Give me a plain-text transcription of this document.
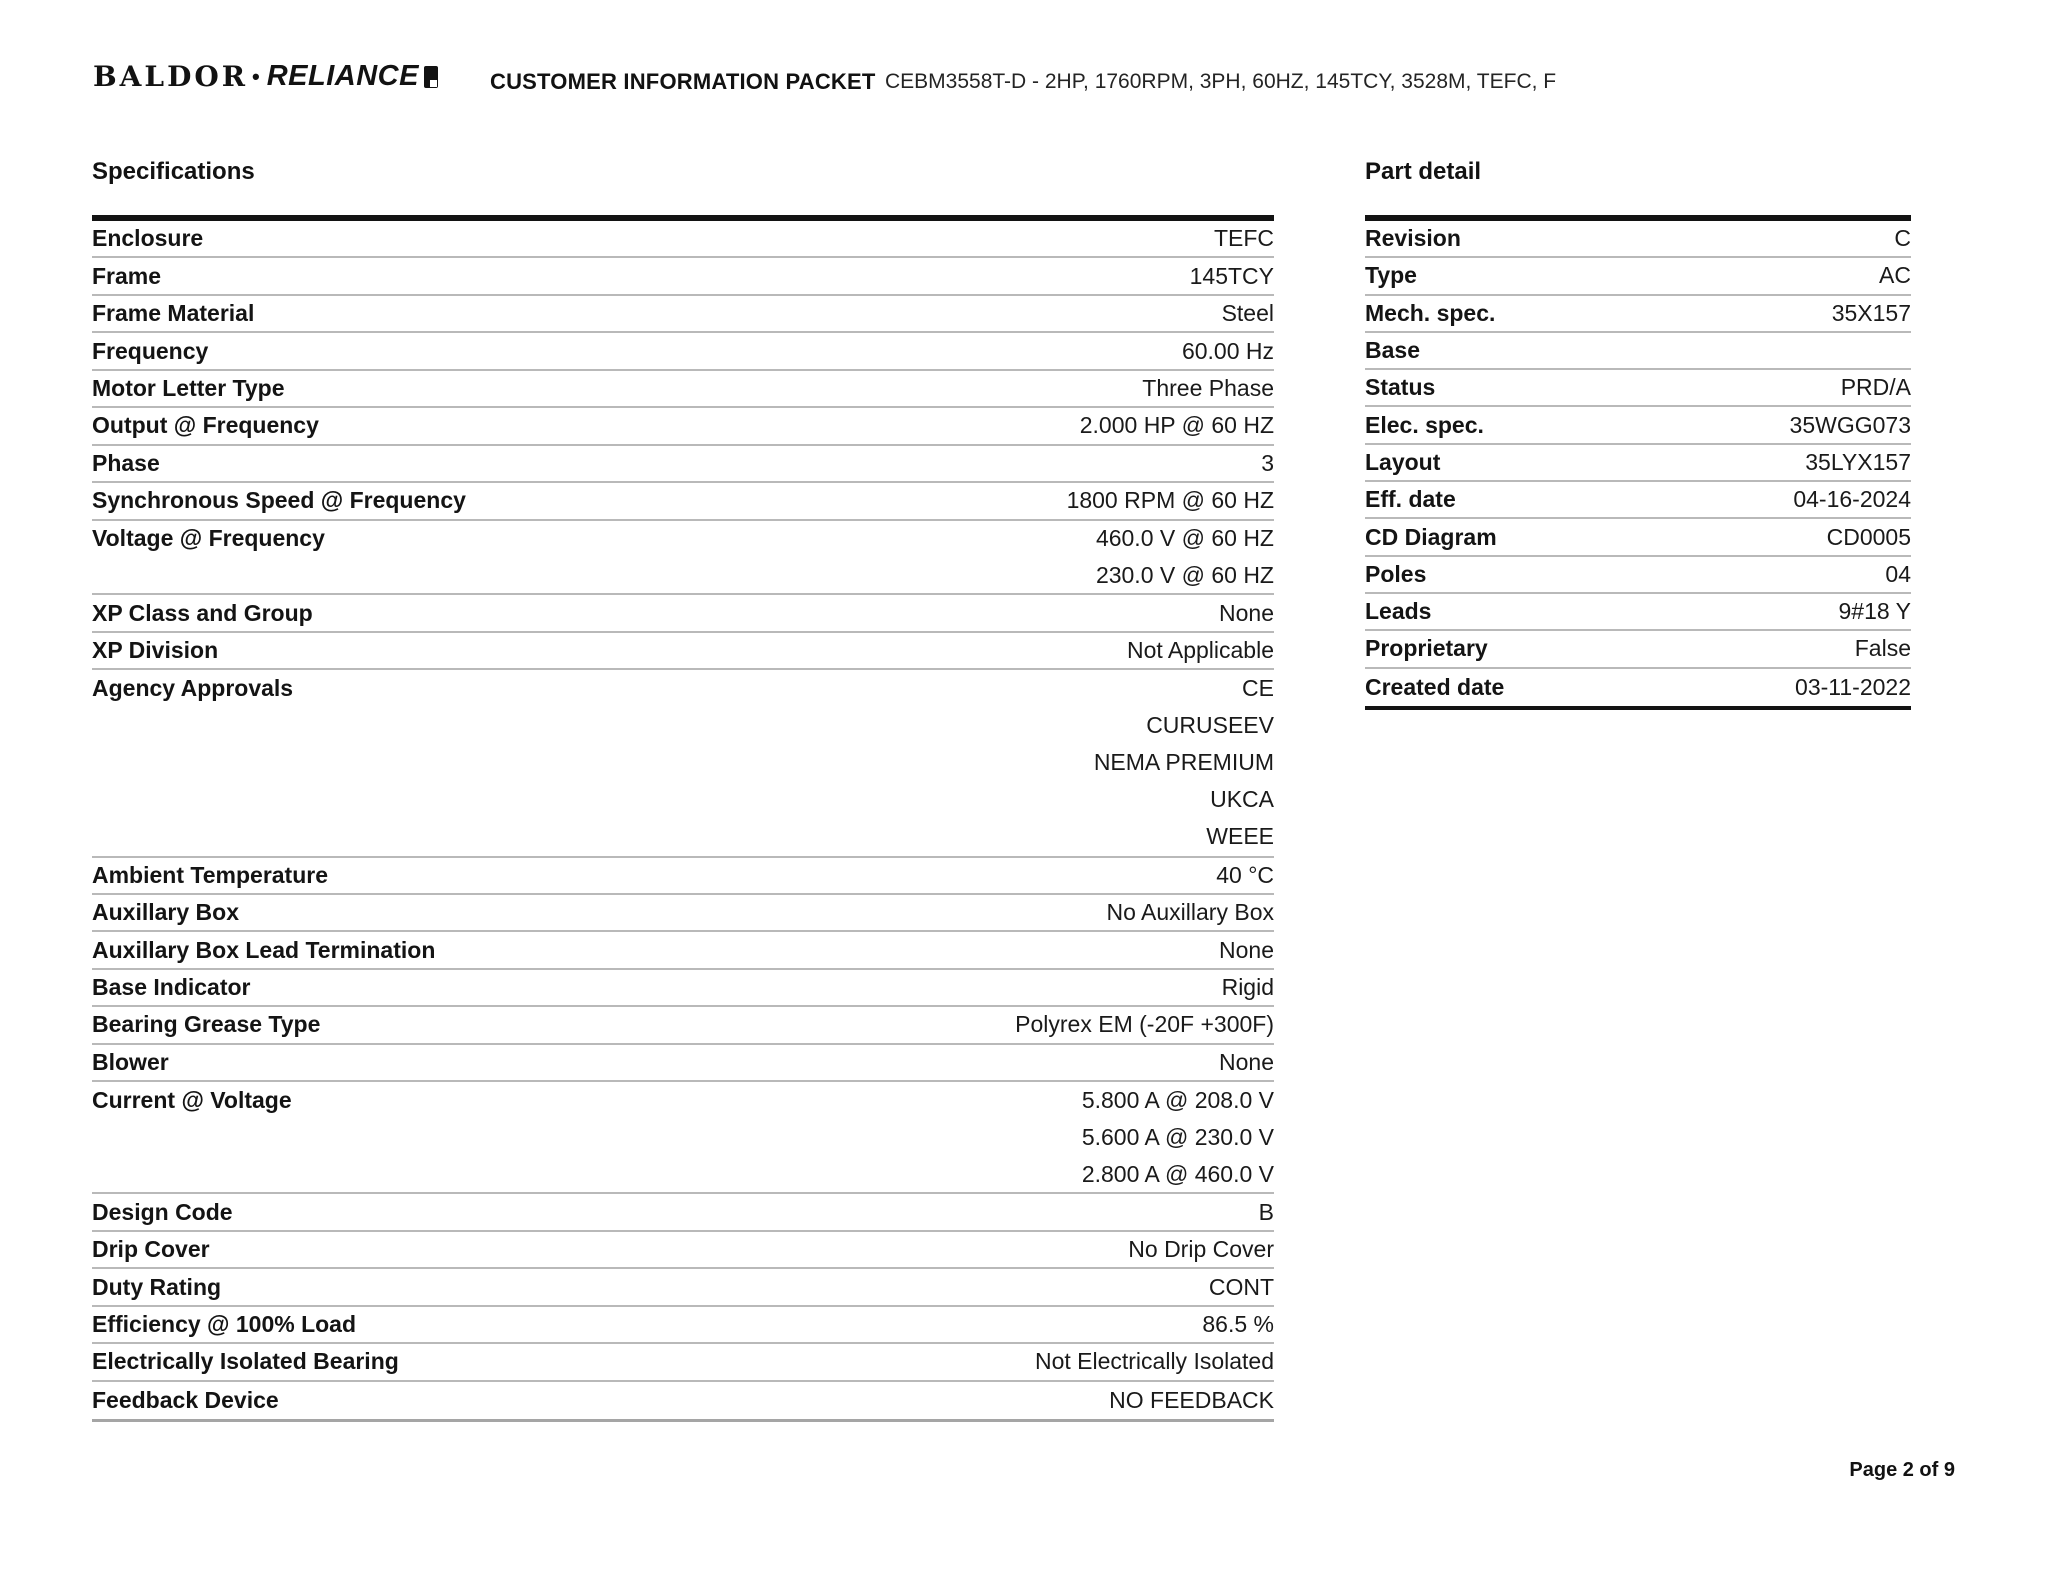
BALDOR • RELIANCE	CUSTOMER INFORMATION PACKET CEBM3558T-D - 2HP, 1760RPM, 3PH, 60HZ, 145TCY, 3528M, TEFC, F
Specifications
Enclosure	TEFC
Frame	145TCY
Frame Material	Steel
Frequency	60.00 Hz
Motor Letter Type	Three Phase
Output @ Frequency	2.000 HP @ 60 HZ
Phase	3
Synchronous Speed @ Frequency	1800 RPM @ 60 HZ
Voltage @ Frequency	460.0 V @ 60 HZ
230.0 V @ 60 HZ
XP Class and Group	None
XP Division	Not Applicable
Agency Approvals	CE
CURUSEEV
NEMA PREMIUM
UKCA
WEEE
Ambient Temperature	40 °C
Auxillary Box	No Auxillary Box
Auxillary Box Lead Termination	None
Base Indicator	Rigid
Bearing Grease Type	Polyrex EM (-20F +300F)
Blower	None
Current @ Voltage	5.800 A @ 208.0 V
5.600 A @ 230.0 V
2.800 A @ 460.0 V
Design Code	B
Drip Cover	No Drip Cover
Duty Rating	CONT
Efficiency @ 100% Load	86.5 %
Electrically Isolated Bearing	Not Electrically Isolated
Feedback Device	NO FEEDBACK
Part detail
Revision	C
Type	AC
Mech. spec.	35X157
Base
Status	PRD/A
Elec. spec.	35WGG073
Layout	35LYX157
Eff. date	04-16-2024
CD Diagram	CD0005
Poles	04
Leads	9#18 Y
Proprietary	False
Created date	03-11-2022
Page 2 of 9
